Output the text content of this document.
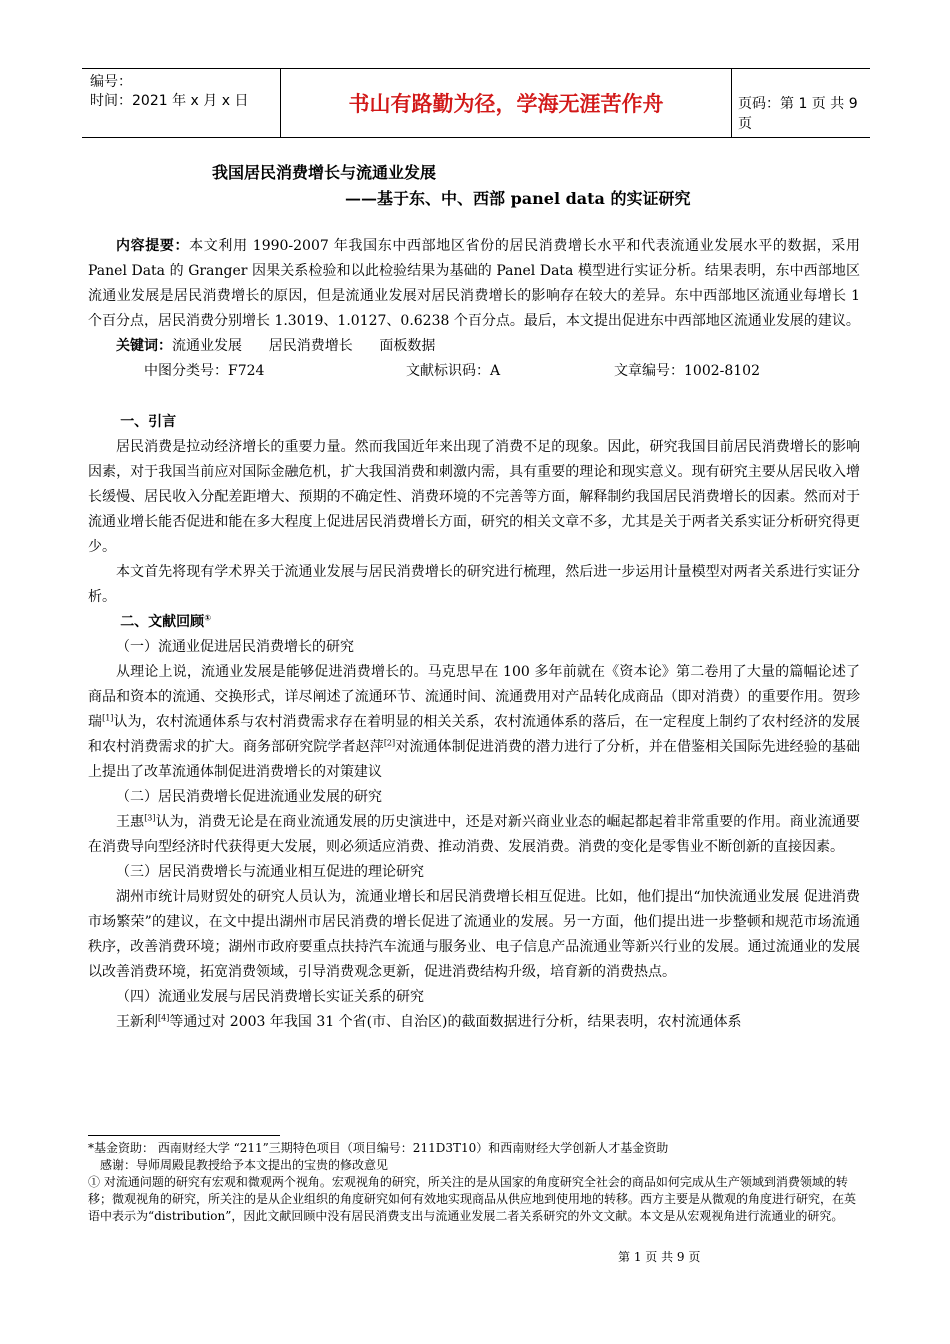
编号：
时间：2021 年 x 月 x 日	书山有路勤为径，学海无涯苦作舟	页码：第 1 页 共 9 页
我国居民消费增长与流通业发展
——基于东、中、西部 panel data 的实证研究

内容提要：本文利用 1990-2007 年我国东中西部地区省份的居民消费增长水平和代表流通业发展水平的数据，采用 Panel Data 的 Granger 因果关系检验和以此检验结果为基础的 Panel Data 模型进行实证分析。结果表明，东中西部地区流通业发展是居民消费增长的原因，但是流通业发展对居民消费增长的影响存在较大的差异。东中西部地区流通业每增长 1 个百分点，居民消费分别增长 1.3019、1.0127、0.6238 个百分点。最后，本文提出促进东中西部地区流通业发展的建议。

关键词：流通业发展      居民消费增长      面板数据

中图分类号：F724	文献标识码：A	文章编号：1002-8102

一、引言

居民消费是拉动经济增长的重要力量。然而我国近年来出现了消费不足的现象。因此，研究我国目前居民消费增长的影响因素，对于我国当前应对国际金融危机，扩大我国消费和刺激内需，具有重要的理论和现实意义。现有研究主要从居民收入增长缓慢、居民收入分配差距增大、预期的不确定性、消费环境的不完善等方面，解释制约我国居民消费增长的因素。然而对于流通业增长能否促进和能在多大程度上促进居民消费增长方面，研究的相关文章不多，尤其是关于两者关系实证分析研究得更少。

本文首先将现有学术界关于流通业发展与居民消费增长的研究进行梳理，然后进一步运用计量模型对两者关系进行实证分析。

二、文献回顾①

（一）流通业促进居民消费增长的研究

从理论上说，流通业发展是能够促进消费增长的。马克思早在 100 多年前就在《资本论》第二卷用了大量的篇幅论述了商品和资本的流通、交换形式，详尽阐述了流通环节、流通时间、流通费用对产品转化成商品（即对消费）的重要作用。贺珍瑞[1]认为，农村流通体系与农村消费需求存在着明显的相关关系，农村流通体系的落后，在一定程度上制约了农村经济的发展和农村消费需求的扩大。商务部研究院学者赵萍[2]对流通体制促进消费的潜力进行了分析，并在借鉴相关国际先进经验的基础上提出了改革流通体制促进消费增长的对策建议

（二）居民消费增长促进流通业发展的研究

王惠[3]认为，消费无论是在商业流通发展的历史演进中，还是对新兴商业业态的崛起都起着非常重要的作用。商业流通要在消费导向型经济时代获得更大发展，则必须适应消费、推动消费、发展消费。消费的变化是零售业不断创新的直接因素。

（三）居民消费增长与流通业相互促进的理论研究

湖州市统计局财贸处的研究人员认为，流通业增长和居民消费增长相互促进。比如，他们提出“加快流通业发展 促进消费市场繁荣”的建议，在文中提出湖州市居民消费的增长促进了流通业的发展。另一方面，他们提出进一步整顿和规范市场流通秩序，改善消费环境；湖州市政府要重点扶持汽车流通与服务业、电子信息产品流通业等新兴行业的发展。通过流通业的发展以改善消费环境，拓宽消费领域，引导消费观念更新，促进消费结构升级，培育新的消费热点。

（四）流通业发展与居民消费增长实证关系的研究

王新利[4]等通过对 2003 年我国 31 个省(市、自治区)的截面数据进行分析，结果表明，农村流通体系

*基金资助： 西南财经大学 “211”三期特色项目（项目编号：211D3T10）和西南财经大学创新人才基金资助

感谢：导师周殿昆教授给予本文提出的宝贵的修改意见

① 对流通问题的研究有宏观和微观两个视角。宏观视角的研究，所关注的是从国家的角度研究全社会的商品如何完成从生产领域到消费领域的转移；微观视角的研究，所关注的是从企业组织的角度研究如何有效地实现商品从供应地到使用地的转移。西方主要是从微观的角度进行研究，在英语中表示为“distribution”，因此文献回顾中没有居民消费支出与流通业发展二者关系研究的外文文献。本文是从宏观视角进行流通业的研究。

第 1 页 共 9 页
